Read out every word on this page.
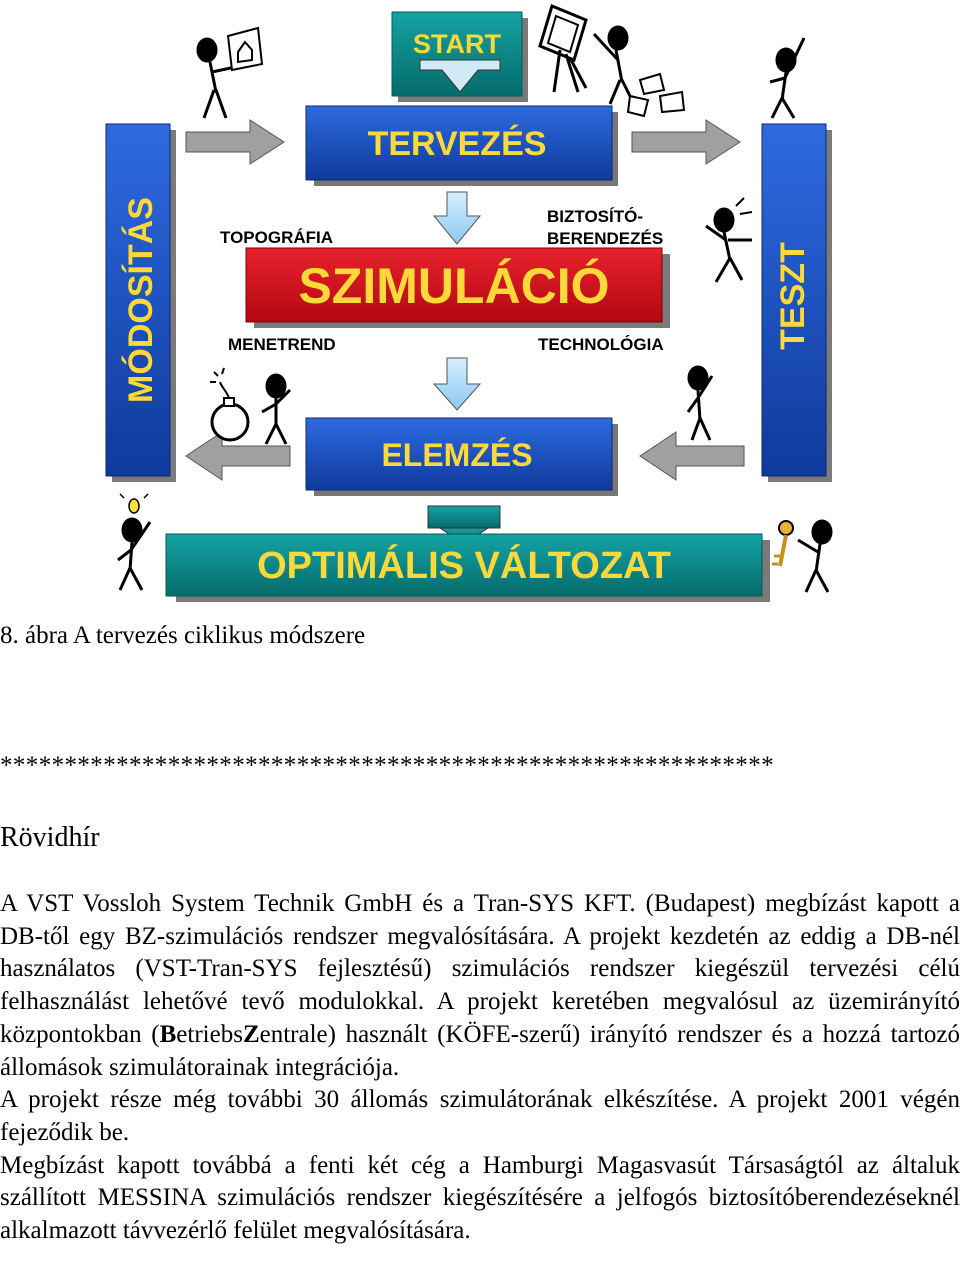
START
TERVEZÉS
SZIMULÁCIÓ
TOPOGRÁFIA
BIZTOSÍTÓ-
BERENDEZÉS
MENETREND	TECHNOLÓGIA
ELEMZÉS
OPTIMÁLIS VÁLTOZAT
MÓDOSÍTÁS	TESZT
8. ábra A tervezés ciklikus módszere
************************************************************
Rövidhír

A VST Vossloh System Technik GmbH és a Tran-SYS KFT. (Budapest) megbízást kapott a DB-től egy BZ-szimulációs rendszer megvalósítására. A projekt kezdetén az eddig a DB-nél használatos (VST-Tran-SYS fejlesztésű) szimulációs rendszer kiegészül tervezési célú felhasználást lehetővé tevő modulokkal. A projekt keretében megvalósul az üzemirányító központokban (BetriebsZentrale) használt (KÖFE-szerű) irányító rendszer és a hozzá tartozó állomások szimulátorainak integrációja.

A projekt része még további 30 állomás szimulátorának elkészítése. A projekt 2001 végén fejeződik be.

Megbízást kapott továbbá a fenti két cég a Hamburgi Magasvasút Társaságtól az általuk szállított MESSINA szimulációs rendszer kiegészítésére a jelfogós biztosítóberendezéseknél alkalmazott távvezérlő felület megvalósítására.
